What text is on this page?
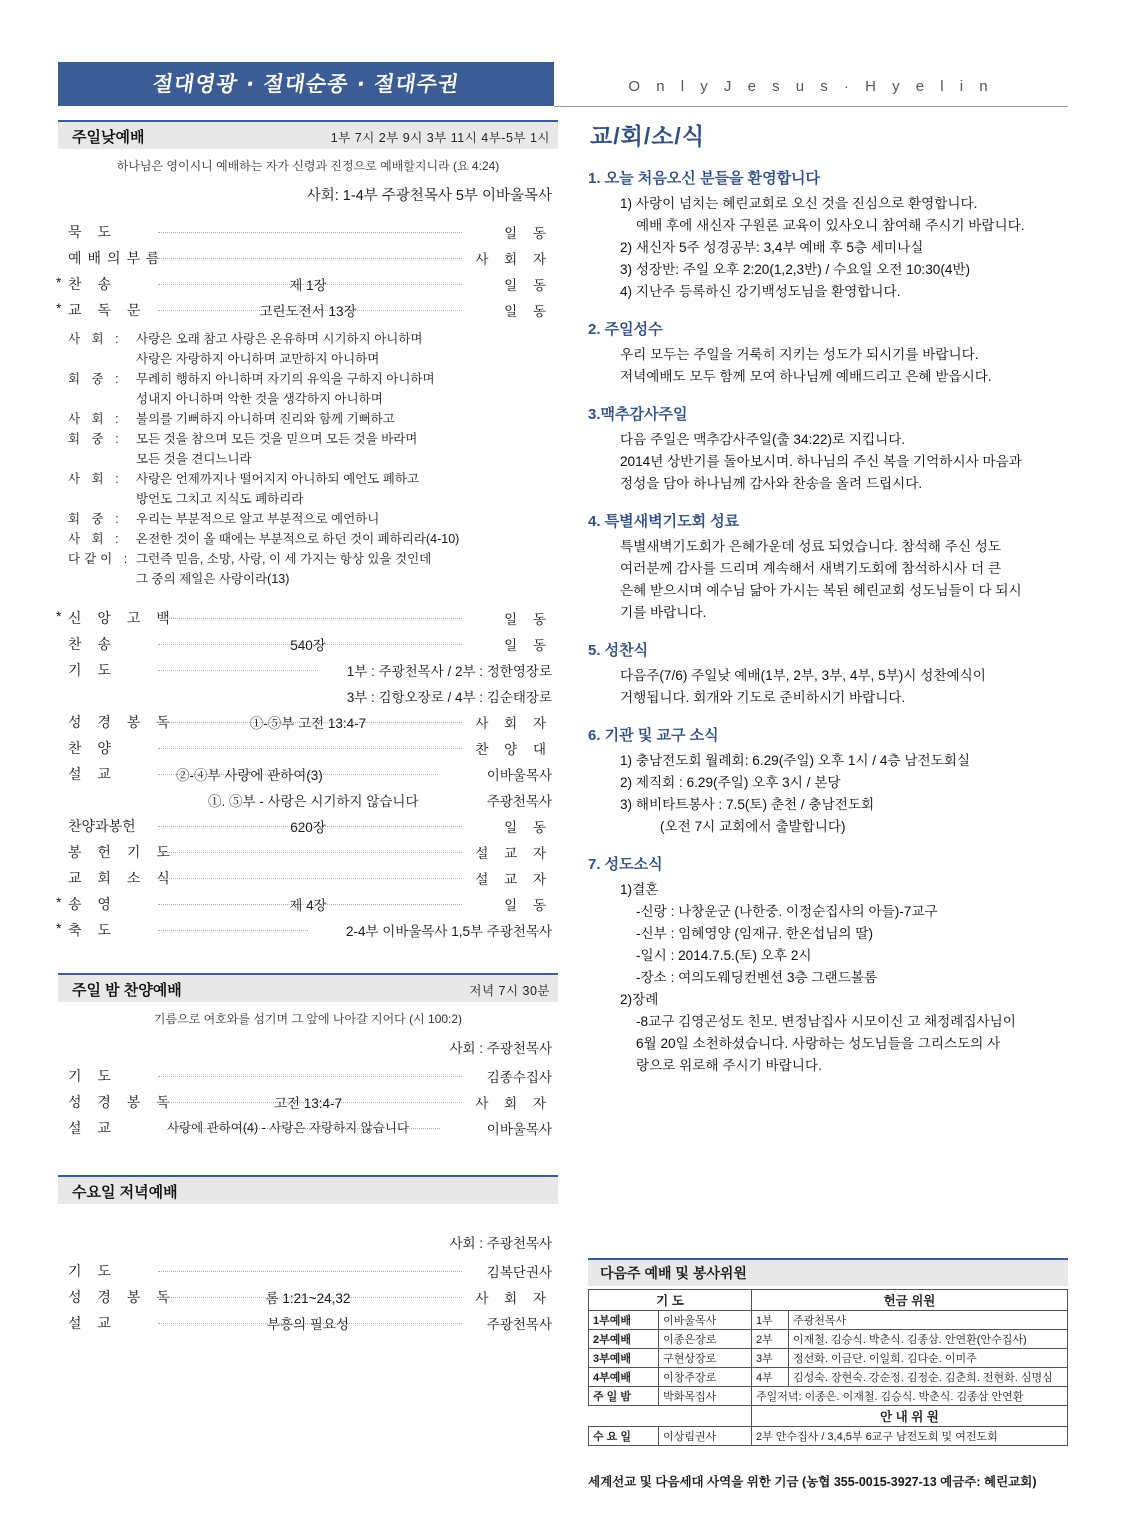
절대영광 · 절대순종 · 절대주권	O n l y J e s u s · H y e l i n
주일낮예배	1부 7시 2부 9시 3부 11시 4부-5부 1시
하나님은 영이시니 예배하는 자가 신령과 진정으로 예배할지니라 (요 4:24)
사회: 1-4부 주광천목사 5부 이바울목사
묵 도	일 동
예배의부름	사 회 자
* 찬 송	제 1장	일 동
* 교 독 문	고린도전서 13장	일 동
사 회 : 사랑은 오래 참고 사랑은 온유하며 시기하지 아니하며
사랑은 자랑하지 아니하며 교만하지 아니하며
회 중 : 무례히 행하지 아니하며 자기의 유익을 구하지 아니하며
성내지 아니하며 악한 것을 생각하지 아니하며
사 회 : 불의를 기뻐하지 아니하며 진리와 함께 기뻐하고
회 중 : 모든 것을 참으며 모든 것을 믿으며 모든 것을 바라며
모든 것을 견디느니라
사 회 : 사랑은 언제까지나 떨어지지 아니하되 예언도 폐하고
방언도 그치고 지식도 폐하리라
회 중 : 우리는 부분적으로 알고 부분적으로 예언하니
사 회 : 온전한 것이 올 때에는 부분적으로 하던 것이 폐하리라(4-10)
다같이 : 그런즉 믿음, 소망, 사랑, 이 세 가지는 항상 있을 것인데
그 중의 제일은 사랑이라(13)
* 신 앙 고 백	일 동
찬 송	540장	일 동
기 도	1부 : 주광천목사 / 2부 : 정한영장로
3부 : 김항오장로 / 4부 : 김순태장로
성 경 봉 독	①-⑤부 고전 13:4-7	사 회 자
찬 양	찬 양 대
설 교	②-④부 사랑에 관하여(3)	이바울목사
①. ⑤부 - 사랑은 시기하지 않습니다	주광천목사
찬양과봉헌	620장	일 동
봉 헌 기 도	설 교 자
교 회 소 식	설 교 자
* 송 영	제 4장	일 동
* 축 도	2-4부 이바울목사 1,5부 주광천목사
주일 밤 찬양예배	저녁 7시 30분
기름으로 여호와를 섬기며 그 앞에 나아갈 지어다 (시 100:2)
사회 : 주광천목사
기 도	김종수집사
성 경 봉 독	고전 13:4-7	사 회 자
설 교	사랑에 관하여(4) - 사랑은 자랑하지 않습니다	이바울목사
수요일 저녁예배
사회 : 주광천목사
기 도	김복단권사
성 경 봉 독	롬 1:21~24,32	사 회 자
설 교	부흥의 필요성	주광천목사
교/회/소/식
1. 오늘 처음오신 분들을 환영합니다
1) 사랑이 넘치는 혜린교회로 오신 것을 진심으로 환영합니다.
예배 후에 새신자 구원론 교육이 있사오니 참여해 주시기 바랍니다.
2) 새신자 5주 성경공부: 3,4부 예배 후 5층 세미나실
3) 성장반: 주일 오후 2:20(1,2,3반) / 수요일 오전 10:30(4반)
4) 지난주 등록하신 강기백성도님을 환영합니다.
2. 주일성수
우리 모두는 주일을 거룩히 지키는 성도가 되시기를 바랍니다.
저녁예배도 모두 함께 모여 하나님께 예배드리고 은혜 받읍시다.
3.맥추감사주일
다음 주일은 맥추감사주일(출 34:22)로 지킵니다.
2014년 상반기를 돌아보시며. 하나님의 주신 복을 기억하시사 마음과
정성을 담아 하나님께 감사와 찬송을 올려 드립시다.
4. 특별새벽기도회 성료
특별새벽기도회가 은혜가운데 성료 되었습니다. 참석해 주신 성도
여러분께 감사를 드리며 계속해서 새벽기도회에 참석하시사 더 큰
은혜 받으시며 예수님 닮아 가시는 복된 혜린교회 성도님들이 다 되시
기를 바랍니다.
5. 성찬식
다음주(7/6) 주일낮 예배(1부, 2부, 3부, 4부, 5부)시 성찬예식이
거행됩니다. 회개와 기도로 준비하시기 바랍니다.
6. 기관 및 교구 소식
1) 충남전도회 월례회: 6.29(주일) 오후 1시 / 4층 남전도회실
2) 제직회 : 6.29(주일) 오후 3시 / 본당
3) 해비타트봉사 : 7.5(토) 춘천 / 충남전도회
(오전 7시 교회에서 출발합니다)
7. 성도소식
1)결혼
-신랑 : 나창운군 (나한중. 이정순집사의 아들)-7교구
-신부 : 임혜영양 (임재규. 한온섭님의 딸)
-일시 : 2014.7.5.(토) 오후 2시
-장소 : 여의도웨딩컨벤션 3층 그랜드볼롬
2)장례
-8교구 김영곤성도 친모. 변정남집사 시모이신 고 채정례집사님이
6월 20일 소천하셨습니다. 사랑하는 성도님들을 그리스도의 사
랑으로 위로해 주시기 바랍니다.
다음주 예배 및 봉사위원
기 도		헌금 위원	
1부예배	이바울목사	1부	주광천목사
2부예배	이종은장로	2부	이재철. 김승식. 박춘식. 김종삼. 안연환(안수집사)
3부예배	구현상장로	3부	정선화. 이금단. 이일희. 김다순. 이미주
4부예배	이창주장로	4부	김성숙. 장현숙. 강순정. 김정순. 김춘희. 전현화. 심명심
주 일 밤	박화목집사	주일저녁: 이종은. 이재철. 김승식. 박춘식. 김종삼 안연환	
		안 내 위 원	
수 요 일	이상림권사	2부 안수집사 / 3,4,5부 6교구 남전도회 및 여전도회	
세계선교 및 다음세대 사역을 위한 기금 (농협 355-0015-3927-13 예금주: 혜린교회)
